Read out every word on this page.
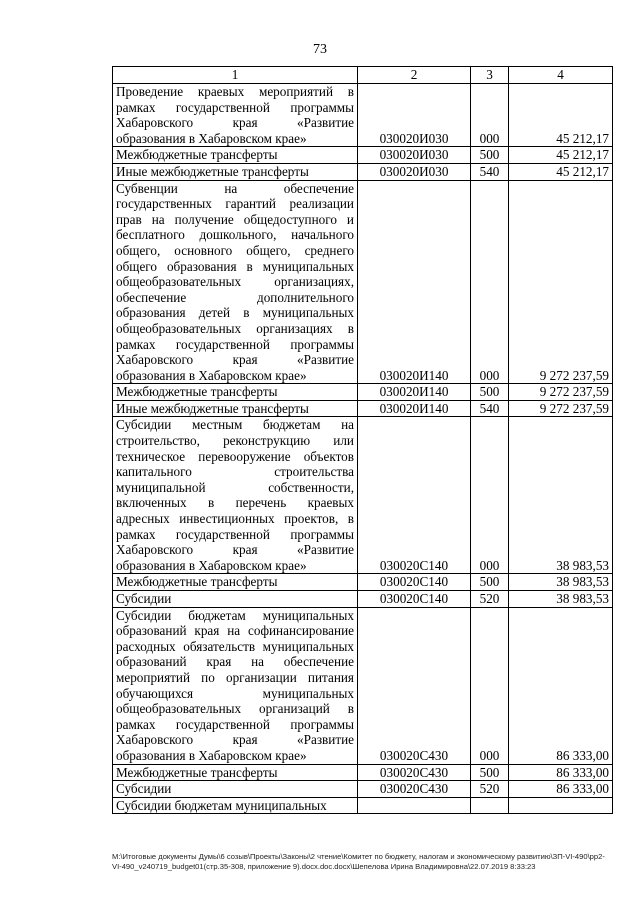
73
1	2	3	4
Проведение краевых мероприятий в рамках государственной программы Хабаровского края «Развитие образования в Хабаровском крае»	030020И030	000	45 212,17
Межбюджетные трансферты	030020И030	500	45 212,17
Иные межбюджетные трансферты	030020И030	540	45 212,17
Субвенции на обеспечение государственных гарантий реализации прав на получение общедоступного и бесплатного дошкольного, начального общего, основного общего, среднего общего образования в муниципальных общеобразовательных организациях, обеспечение дополнительного образования детей в муниципальных общеобразовательных организациях в рамках государственной программы Хабаровского края «Развитие образования в Хабаровском крае»	030020И140	000	9 272 237,59
Межбюджетные трансферты	030020И140	500	9 272 237,59
Иные межбюджетные трансферты	030020И140	540	9 272 237,59
Субсидии местным бюджетам на строительство, реконструкцию или техническое перевооружение объектов капитального строительства муниципальной собственности, включенных в перечень краевых адресных инвестиционных проектов, в рамках государственной программы Хабаровского края «Развитие образования в Хабаровском крае»	030020С140	000	38 983,53
Межбюджетные трансферты	030020С140	500	38 983,53
Субсидии	030020С140	520	38 983,53
Субсидии бюджетам муниципальных образований края на софинансирование расходных обязательств муниципальных образований края на обеспечение мероприятий по организации питания обучающихся муниципальных общеобразовательных организаций в рамках государственной программы Хабаровского края «Развитие образования в Хабаровском крае»	030020С430	000	86 333,00
Межбюджетные трансферты	030020С430	500	86 333,00
Субсидии	030020С430	520	86 333,00
Субсидии бюджетам муниципальных			
M:\Итоговые документы Думы\6 созыв\Проекты\Законы\2 чтение\Комитет по бюджету, налогам и экономическому развитию\ЗП-VI-490\рр2-VI-490_v240719_budget01(стр.35-308, приложение 9).docx.doc.docx\Шепелова Ирина Владимировна\22.07.2019 8:33:23
